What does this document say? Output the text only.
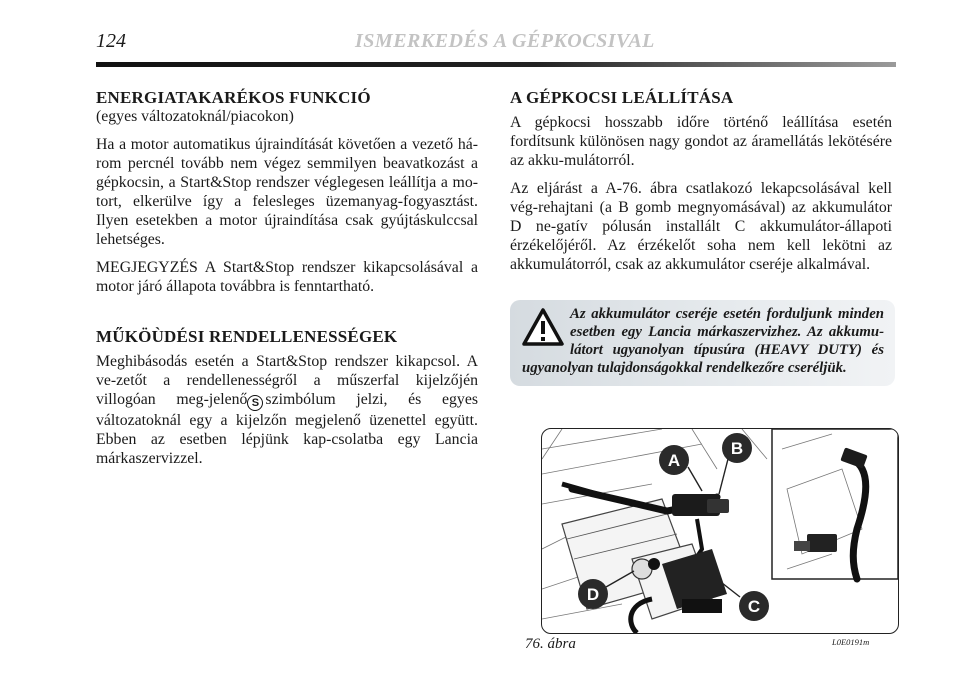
124	ISMERKEDÉS A GÉPKOCSIVAL
ENERGIATAKARÉKOS FUNKCIÓ
(egyes változatoknál/piacokon)

Ha a motor automatikus újraindítását követően a vezető há-rom percnél tovább nem végez semmilyen beavatkozást a gépkocsin, a Start&Stop rendszer véglegesen leállítja a mo-tort, elkerülve így a felesleges üzemanyag-fogyasztást. Ilyen esetekben a motor újraindítása csak gyújtáskulccsal lehetséges.

MEGJEGYZÉS A Start&Stop rendszer kikapcsolásával a motor járó állapota továbbra is fenntartható.

MŰKÖÙDÉSI RENDELLENESSÉGEK

Meghibásodás esetén a Start&Stop rendszer kikapcsol. A ve-zetőt a rendellenességről a műszerfal kijelzőjén villogóan meg-jelenő S szimbólum jelzi, és egyes változatoknál egy a kijelzőn megjelenő üzenettel együtt. Ebben az esetben lépjünk kap-csolatba egy Lancia márkaszervizzel.

A GÉPKOCSI LEÁLLÍTÁSA

A gépkocsi hosszabb időre történő leállítása esetén fordítsunk különösen nagy gondot az áramellátás lekötésére az akku-mulátorról.

Az eljárást a A-76. ábra csatlakozó lekapcsolásával kell vég-rehajtani (a B gomb megnyomásával) az akkumulátor D ne-gatív pólusán installált C akkumulátor-állapoti érzékelőjéről. Az érzékelőt soha nem kell lekötni az akkumulátorról, csak az akkumulátor cseréje alkalmával.

Az akkumulátor cseréje esetén forduljunk minden esetben egy Lancia márkaszervizhez. Az akkumu-látort ugyanolyan típusúra (HEAVY DUTY) és ugyanolyan tulajdonságokkal rendelkezőre cseréljük.
A
B
C
D
76. ábra	L0E0191m
